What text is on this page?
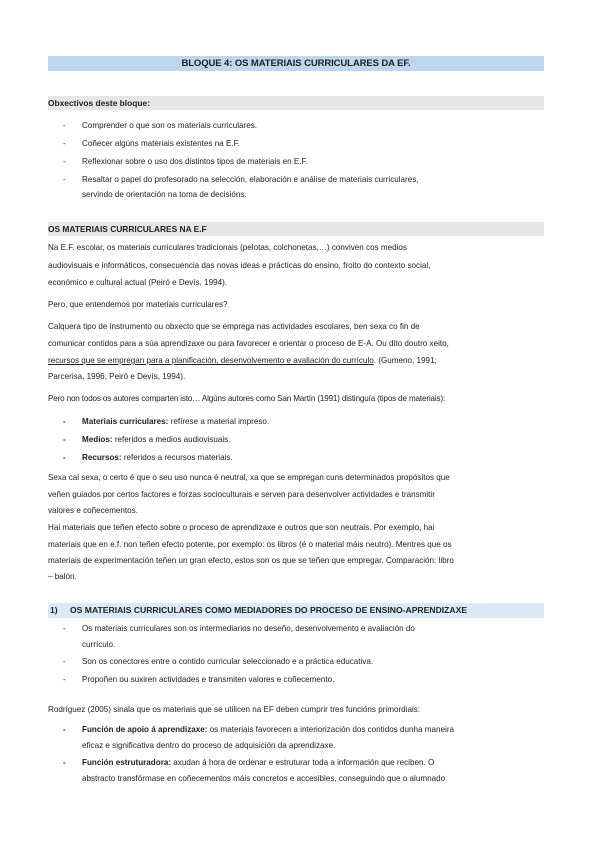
BLOQUE 4: OS MATERIAIS CURRICULARES DA EF.
Obxectivos deste bloque:
- Comprender o que son os materiais curriculares.
- Coñecer algúns materiais existentes na E.F.
- Reflexionar sobre o uso dos distintos tipos de materiais en E.F.
- Resaltar o papel do profesorado na selección, elaboración e análise de materiais curriculares,
servindo de orientación na toma de decisións.
OS MATERIAIS CURRICULARES NA E.F
Na E.F. escolar, os materiais curriculares tradicionais (pelotas, colchonetas,…) conviven cos medios
audiovisuais e informáticos, consecuencia das novas ideas e prácticas do ensino, froito do contexto social,
económico e cultural actual (Peiró e Devís, 1994).
Pero, que entendemos por materiais curriculares?
Calquera tipo de instrumento ou obxecto que se emprega nas actividades escolares, ben sexa co fin de
comunicar contidos para a súa aprendizaxe ou para favorecer e orientar o proceso de E-A. Ou dito doutro xeito,
recursos que se empregan para a planificación, desenvolvemento e avaliación do currículo. (Gumeno, 1991;
Parcerisa, 1996; Peiró e Devís, 1994).
Pero non todos os autores comparten isto… Algúns autores como San Martín (1991) distinguía (tipos de materiais):
- Materiais curriculares: refírese a material impreso.
- Medios: referidos a medios audiovisuais.
- Recursos: referidos a recursos materiais.
Sexa cal sexa, o certo é que o seu uso nunca é neutral, xa que se empregan cuns determinados propósitos que
veñen guiados por certos factores e forzas socioculturais e serven para desenvolver actividades e transmitir
valores e coñecementos.
Hai materiais que teñen efecto sobre o proceso de aprendizaxe e outros que son neutrais. Por exemplo, hai
materiais que en e.f. non teñen efecto potente, por exemplo: os libros (é o material máis neutro). Mentres que os
materiais de experimentación teñen un gran efecto, estos son os que se teñen que empregar. Comparación: libro
– balón.
1) OS MATERIAIS CURRICULARES COMO MEDIADORES DO PROCESO DE ENSINO-APRENDIZAXE
- Os materiais curriculares son os intermediarios no deseño, desenvolvemento e avaliación do
currículo.
- Son os conectores entre o contido curricular seleccionado e a práctica educativa.
- Propoñen ou suxiren actividades e transmiten valores e coñecemento.
Rodríguez (2005) sinala que os materiais que se utilicen na EF deben cumprir tres funcións primordiais:
- Función de apoio á aprendizaxe: os materiais favorecen a interiorización dos contidos dunha maneira
eficaz e significativa dentro do proceso de adquisición da aprendizaxe.
- Función estruturadora: axudan á hora de ordenar e estruturar toda a información que reciben. O
abstracto transfórmase en coñecementos máis concretos e accesibles, conseguindo que o alumnado
